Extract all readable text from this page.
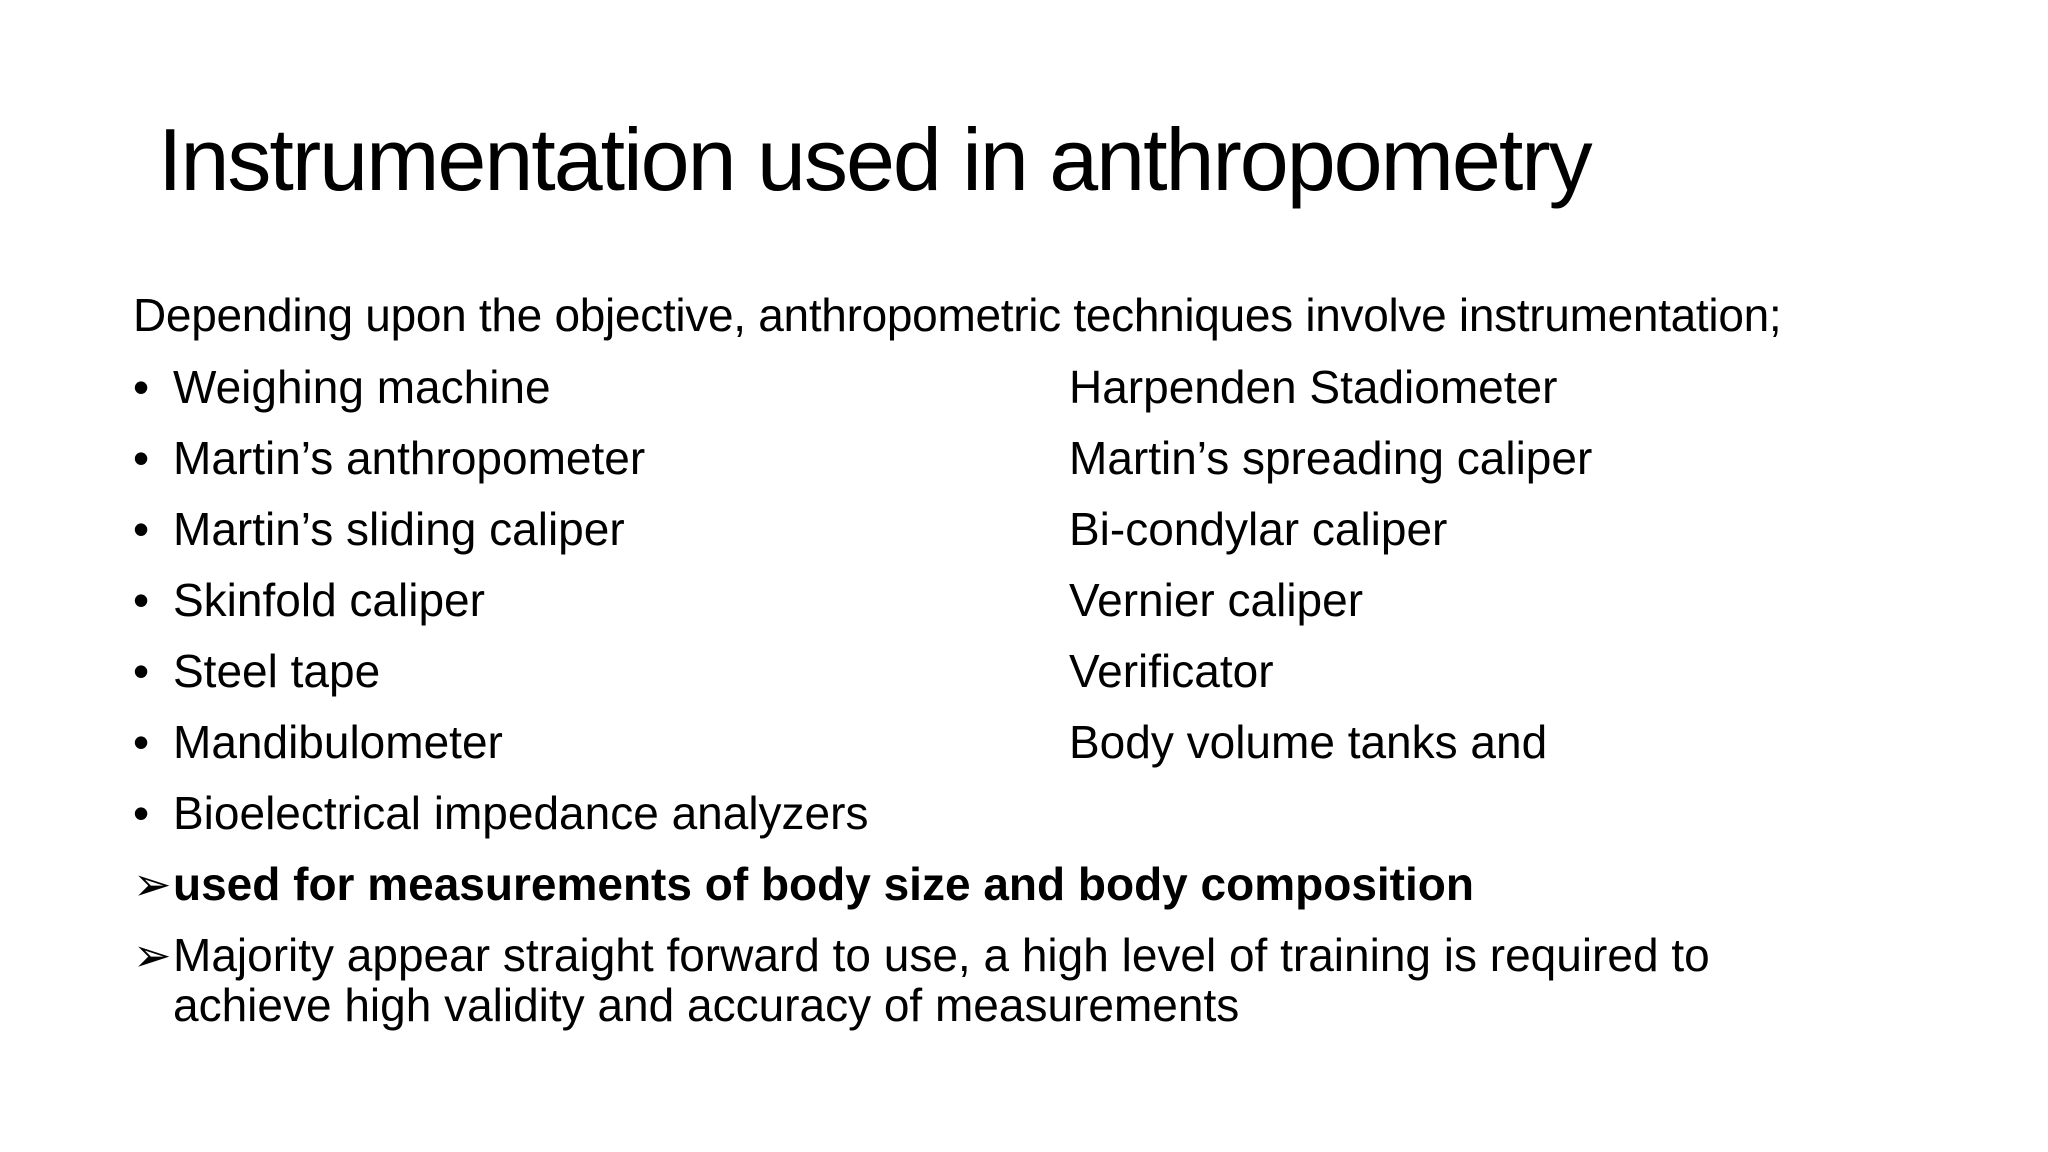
Instrumentation used in anthropometry
Depending upon the objective, anthropometric techniques involve instrumentation;
• Weighing machine	Harpenden Stadiometer
• Martin’s anthropometer	Martin’s spreading caliper
• Martin’s sliding caliper	Bi-condylar caliper
• Skinfold caliper	Vernier caliper
• Steel tape	Verificator
• Mandibulometer	Body volume tanks and
• Bioelectrical impedance analyzers
➢used for measurements of body size and body composition
➢Majority appear straight forward to use, a high level of training is required to
achieve high validity and accuracy of measurements
